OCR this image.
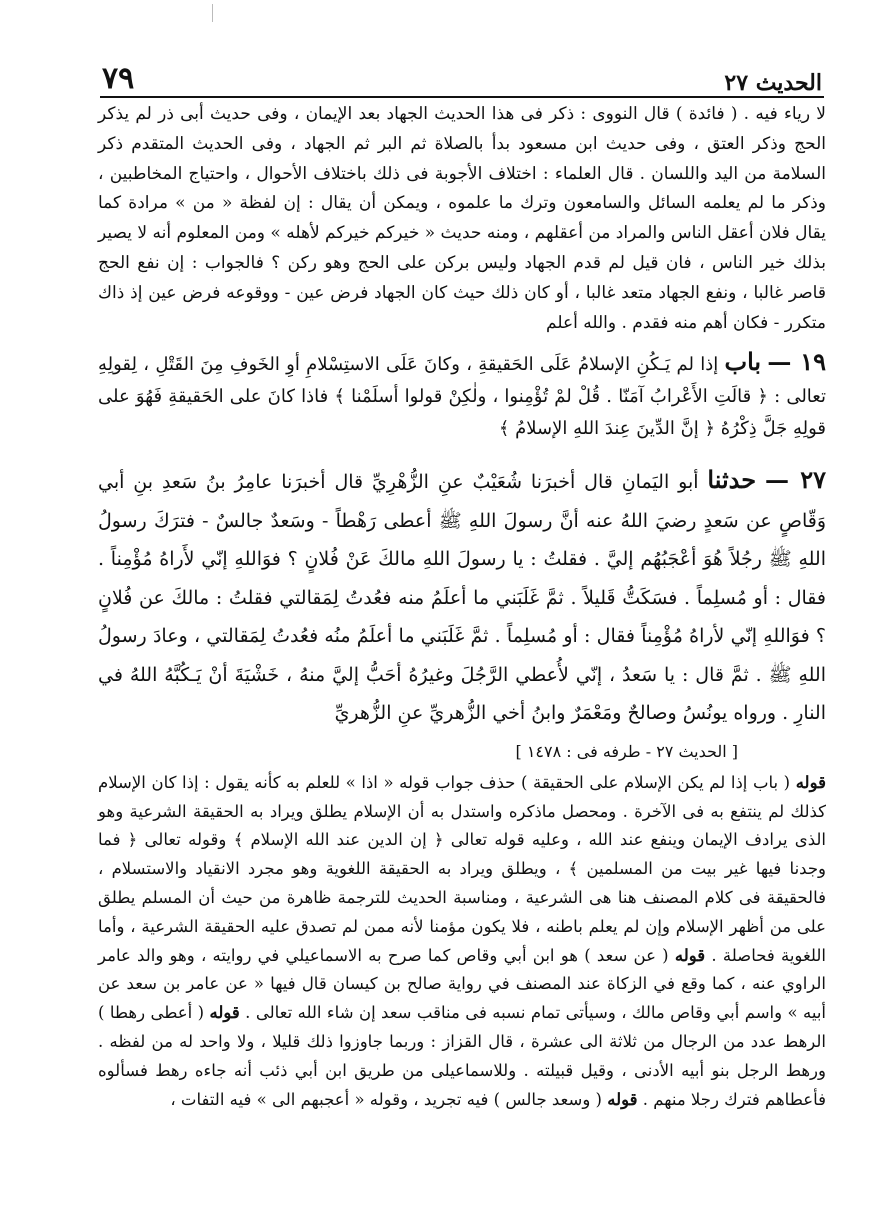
الحديث ٢٧
٧٩

لا رياء فيه . ( فائدة ) قال النووى : ذكر فى هذا الحديث الجهاد بعد الإيمان ، وفى حديث أبى ذر لم يذكر الحج وذكر العتق ، وفى حديث ابن مسعود بدأ بالصلاة ثم البر ثم الجهاد ، وفى الحديث المتقدم ذكر السلامة من اليد واللسان . قال العلماء : اختلاف الأجوبة فى ذلك باختلاف الأحوال ، واحتياج المخاطبين ، وذكر ما لم يعلمه السائل والسامعون وترك ما علموه ، ويمكن أن يقال : إن لفظة « من » مرادة كما يقال فلان أعقل الناس والمراد من أعقلهم ، ومنه حديث « خيركم خيركم لأهله » ومن المعلوم أنه لا يصير بذلك خير الناس ، فان قيل لم قدم الجهاد وليس بركن على الحج وهو ركن ؟ فالجواب : إن نفع الحج قاصر غالبا ، ونفع الجهاد متعد غالبا ، أو كان ذلك حيث كان الجهاد فرض عين - ووقوعه فرض عين إذ ذاك متكرر - فكان أهم منه فقدم . والله أعلم

١٩ — باب إذا لم يَـكُنِ الإسلامُ عَلَى الحَقيقةِ ، وكانَ عَلَى الاستِسْلامِ أوِ الخَوفِ مِنَ القَتْلِ ، لِقولِهِ تعالى : ﴿ قالَتِ الأَعْرابُ آمَنّا . قُلْ لمْ تُؤْمِنوا ، ولٰكِنْ قولوا أسلَمْنا ﴾ فاذا كانَ على الحَقيقةِ فَهُوَ على قولِهِ جَلَّ ذِكْرُهُ ﴿ إنَّ الدِّينَ عِندَ اللهِ الإسلامُ ﴾

٢٧ — حدثنا أبو اليَمانِ قال أخبرَنا شُعَيْبٌ عنِ الزُّهْرِيِّ قال أخبرَنا عامِرُ بنُ سَعدِ بنِ أبي وَقّاصٍ عن سَعدٍ رضيَ اللهُ عنه أنَّ رسولَ اللهِ ﷺ أعطى رَهْطاً - وسَعدٌ جالسٌ - فترَكَ رسولُ اللهِ ﷺ رجُلاً هُوَ أعْجَبُهُم إليَّ . فقلتُ : يا رسولَ اللهِ مالكَ عَنْ فُلانٍ ؟ فوَاللهِ إنّي لأَراهُ مُؤْمِناً . فقال : أو مُسلِماً . فسَكَتُّ قَليلاً . ثمَّ غَلَبَني ما أعلَمُ منه فعُدتُ لِمَقالتي فقلتُ : مالكَ عن فُلانٍ ؟ فوَاللهِ إنّي لأراهُ مُؤْمِناً فقال : أو مُسلِماً . ثمَّ غَلَبَني ما أعلَمُ منُه فعُدتُ لِمَقالتي ، وعادَ رسولُ اللهِ ﷺ . ثمَّ قال : يا سَعدُ ، إنّي لأُعطي الرَّجُلَ وغيرُهُ أحَبُّ إليَّ منهُ ، خَشْيَةَ أنْ يَـكُبَّهُ اللهُ في النارِ . ورواه يونُسُ وصالحٌ ومَعْمَرٌ وابنُ أخي الزُّهريِّ عنِ الزُّهريِّ

[ الحديث ٢٧ - طرفه فى : ١٤٧٨ ]

قوله ( باب إذا لم يكن الإسلام على الحقيقة ) حذف جواب قوله « اذا » للعلم به كأنه يقول : إذا كان الإسلام كذلك لم ينتفع به فى الآخرة . ومحصل ماذكره واستدل به أن الإسلام يطلق ويراد به الحقيقة الشرعية وهو الذى يرادف الإيمان وينفع عند الله ، وعليه قوله تعالى ﴿ إن الدين عند الله الإسلام ﴾ وقوله تعالى ﴿ فما وجدنا فيها غير بيت من المسلمين ﴾ ، ويطلق ويراد به الحقيقة اللغوية وهو مجرد الانقياد والاستسلام ، فالحقيقة فى كلام المصنف هنا هى الشرعية ، ومناسبة الحديث للترجمة ظاهرة من حيث أن المسلم يطلق على من أظهر الإسلام وإن لم يعلم باطنه ، فلا يكون مؤمنا لأنه ممن لم تصدق عليه الحقيقة الشرعية ، وأما اللغوية فحاصلة . قوله ( عن سعد ) هو ابن أبي وقاص كما صرح به الاسماعيلي في روايته ، وهو والد عامر الراوي عنه ، كما وقع في الزكاة عند المصنف في رواية صالح بن كيسان قال فيها « عن عامر بن سعد عن أبيه » واسم أبي وقاص مالك ، وسيأتى تمام نسبه فى مناقب سعد إن شاء الله تعالى . قوله ( أعطى رهطا ) الرهط عدد من الرجال من ثلاثة الى عشرة ، قال القزاز : وربما جاوزوا ذلك قليلا ، ولا واحد له من لفظه . ورهط الرجل بنو أبيه الأدنى ، وقيل قبيلته . وللاسماعيلى من طريق ابن أبي ذئب أنه جاءه رهط فسألوه فأعطاهم فترك رجلا منهم . قوله ( وسعد جالس ) فيه تجريد ، وقوله « أعجبهم الى » فيه التفات ،
